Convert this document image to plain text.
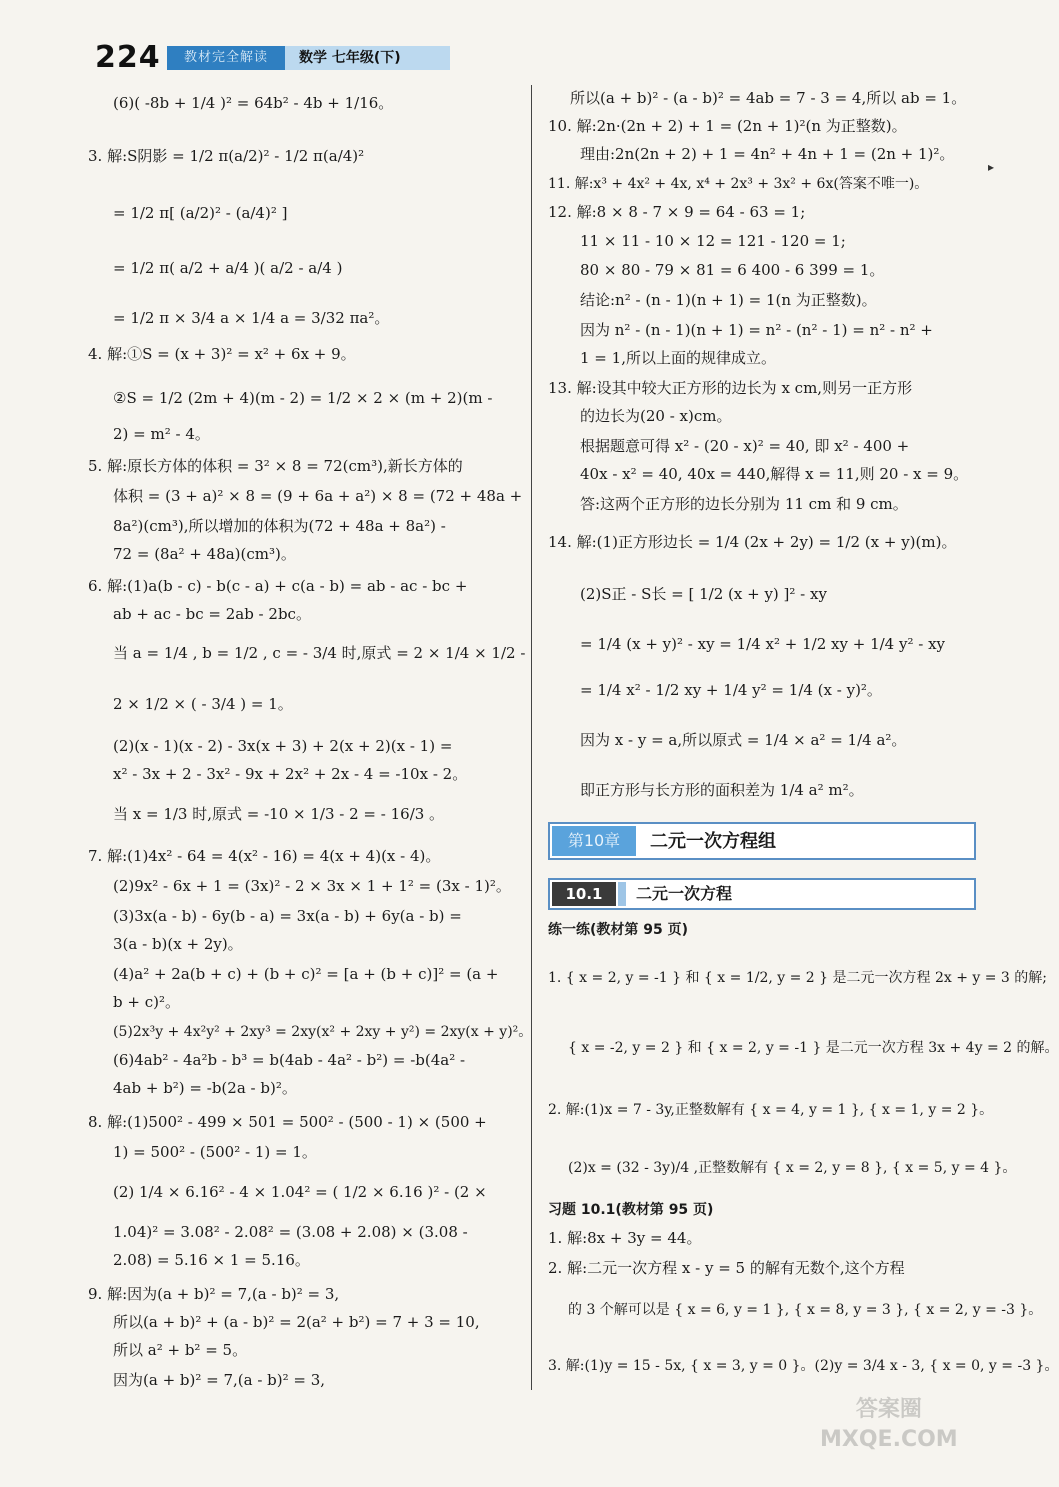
224	教材完全解读	数学 七年级(下)
▸
(6)( -8b + 1/4 )² = 64b² - 4b + 1/16。
3. 解:S阴影 = 1/2 π(a/2)² - 1/2 π(a/4)²
= 1/2 π[ (a/2)² - (a/4)² ]
= 1/2 π( a/2 + a/4 )( a/2 - a/4 )
= 1/2 π × 3/4 a × 1/4 a = 3/32 πa²。
4. 解:①S = (x + 3)² = x² + 6x + 9。
②S = 1/2 (2m + 4)(m - 2) = 1/2 × 2 × (m + 2)(m -
2) = m² - 4。
5. 解:原长方体的体积 = 3² × 8 = 72(cm³),新长方体的
体积 = (3 + a)² × 8 = (9 + 6a + a²) × 8 = (72 + 48a +
8a²)(cm³),所以增加的体积为(72 + 48a + 8a²) -
72 = (8a² + 48a)(cm³)。
6. 解:(1)a(b - c) - b(c - a) + c(a - b) = ab - ac - bc +
ab + ac - bc = 2ab - 2bc。
当 a = 1/4 , b = 1/2 , c = - 3/4 时,原式 = 2 × 1/4 × 1/2 -
2 × 1/2 × ( - 3/4 ) = 1。
(2)(x - 1)(x - 2) - 3x(x + 3) + 2(x + 2)(x - 1) =
x² - 3x + 2 - 3x² - 9x + 2x² + 2x - 4 = -10x - 2。
当 x = 1/3 时,原式 = -10 × 1/3 - 2 = - 16/3 。
7. 解:(1)4x² - 64 = 4(x² - 16) = 4(x + 4)(x - 4)。
(2)9x² - 6x + 1 = (3x)² - 2 × 3x × 1 + 1² = (3x - 1)²。
(3)3x(a - b) - 6y(b - a) = 3x(a - b) + 6y(a - b) =
3(a - b)(x + 2y)。
(4)a² + 2a(b + c) + (b + c)² = [a + (b + c)]² = (a +
b + c)²。
(5)2x³y + 4x²y² + 2xy³ = 2xy(x² + 2xy + y²) = 2xy(x + y)²。
(6)4ab² - 4a²b - b³ = b(4ab - 4a² - b²) = -b(4a² -
4ab + b²) = -b(2a - b)²。
8. 解:(1)500² - 499 × 501 = 500² - (500 - 1) × (500 +
1) = 500² - (500² - 1) = 1。
(2) 1/4 × 6.16² - 4 × 1.04² = ( 1/2 × 6.16 )² - (2 ×
1.04)² = 3.08² - 2.08² = (3.08 + 2.08) × (3.08 -
2.08) = 5.16 × 1 = 5.16。
9. 解:因为(a + b)² = 7,(a - b)² = 3,
所以(a + b)² + (a - b)² = 2(a² + b²) = 7 + 3 = 10,
所以 a² + b² = 5。
因为(a + b)² = 7,(a - b)² = 3,
所以(a + b)² - (a - b)² = 4ab = 7 - 3 = 4,所以 ab = 1。
10. 解:2n·(2n + 2) + 1 = (2n + 1)²(n 为正整数)。
理由:2n(2n + 2) + 1 = 4n² + 4n + 1 = (2n + 1)²。
11. 解:x³ + 4x² + 4x, x⁴ + 2x³ + 3x² + 6x(答案不唯一)。
12. 解:8 × 8 - 7 × 9 = 64 - 63 = 1;
11 × 11 - 10 × 12 = 121 - 120 = 1;
80 × 80 - 79 × 81 = 6 400 - 6 399 = 1。
结论:n² - (n - 1)(n + 1) = 1(n 为正整数)。
因为 n² - (n - 1)(n + 1) = n² - (n² - 1) = n² - n² +
1 = 1,所以上面的规律成立。
13. 解:设其中较大正方形的边长为 x cm,则另一正方形
的边长为(20 - x)cm。
根据题意可得 x² - (20 - x)² = 40, 即 x² - 400 +
40x - x² = 40, 40x = 440,解得 x = 11,则 20 - x = 9。
答:这两个正方形的边长分别为 11 cm 和 9 cm。
14. 解:(1)正方形边长 = 1/4 (2x + 2y) = 1/2 (x + y)(m)。
(2)S正 - S长 = [ 1/2 (x + y) ]² - xy
= 1/4 (x + y)² - xy = 1/4 x² + 1/2 xy + 1/4 y² - xy
= 1/4 x² - 1/2 xy + 1/4 y² = 1/4 (x - y)²。
因为 x - y = a,所以原式 = 1/4 × a² = 1/4 a²。
即正方形与长方形的面积差为 1/4 a² m²。
第10章	二元一次方程组
10.1	二元一次方程
练一练(教材第 95 页)
1. { x = 2, y = -1 } 和 { x = 1/2, y = 2 } 是二元一次方程 2x + y = 3 的解;
{ x = -2, y = 2 } 和 { x = 2, y = -1 } 是二元一次方程 3x + 4y = 2 的解。
2. 解:(1)x = 7 - 3y,正整数解有 { x = 4, y = 1 }, { x = 1, y = 2 }。
(2)x = (32 - 3y)/4 ,正整数解有 { x = 2, y = 8 }, { x = 5, y = 4 }。
习题 10.1(教材第 95 页)
1. 解:8x + 3y = 44。
2. 解:二元一次方程 x - y = 5 的解有无数个,这个方程
的 3 个解可以是 { x = 6, y = 1 }, { x = 8, y = 3 }, { x = 2, y = -3 }。
3. 解:(1)y = 15 - 5x, { x = 3, y = 0 }。(2)y = 3/4 x - 3, { x = 0, y = -3 }。
答案圈
MXQE.COM
